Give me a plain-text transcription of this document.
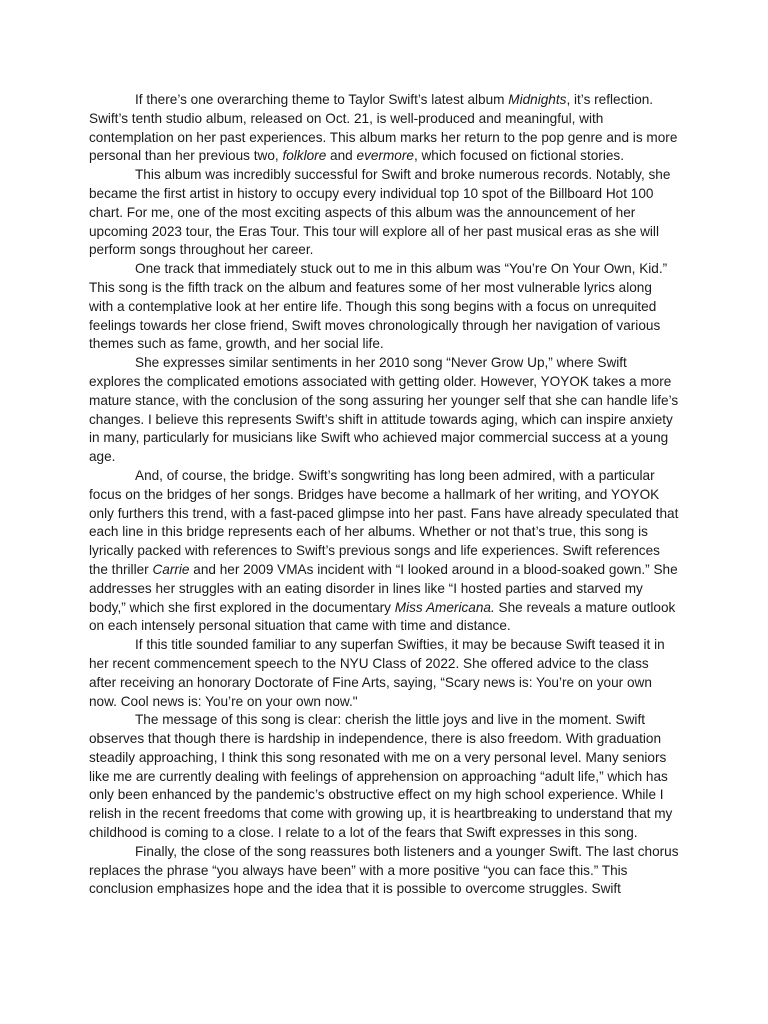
If there’s one overarching theme to Taylor Swift’s latest album Midnights, it’s reflection. Swift’s tenth studio album, released on Oct. 21, is well-produced and meaningful, with contemplation on her past experiences. This album marks her return to the pop genre and is more personal than her previous two, folklore and evermore, which focused on fictional stories.

This album was incredibly successful for Swift and broke numerous records. Notably, she became the first artist in history to occupy every individual top 10 spot of the Billboard Hot 100 chart. For me, one of the most exciting aspects of this album was the announcement of her upcoming 2023 tour, the Eras Tour. This tour will explore all of her past musical eras as she will perform songs throughout her career.

One track that immediately stuck out to me in this album was “You’re On Your Own, Kid.” This song is the fifth track on the album and features some of her most vulnerable lyrics along with a contemplative look at her entire life. Though this song begins with a focus on unrequited feelings towards her close friend, Swift moves chronologically through her navigation of various themes such as fame, growth, and her social life.

She expresses similar sentiments in her 2010 song “Never Grow Up,” where Swift explores the complicated emotions associated with getting older. However, YOYOK takes a more mature stance, with the conclusion of the song assuring her younger self that she can handle life’s changes. I believe this represents Swift’s shift in attitude towards aging, which can inspire anxiety in many, particularly for musicians like Swift who achieved major commercial success at a young age.

And, of course, the bridge. Swift’s songwriting has long been admired, with a particular focus on the bridges of her songs. Bridges have become a hallmark of her writing, and YOYOK only furthers this trend, with a fast-paced glimpse into her past. Fans have already speculated that each line in this bridge represents each of her albums. Whether or not that’s true, this song is lyrically packed with references to Swift’s previous songs and life experiences. Swift references the thriller Carrie and her 2009 VMAs incident with “I looked around in a blood-soaked gown.” She addresses her struggles with an eating disorder in lines like “I hosted parties and starved my body,” which she first explored in the documentary Miss Americana. She reveals a mature outlook on each intensely personal situation that came with time and distance.

If this title sounded familiar to any superfan Swifties, it may be because Swift teased it in her recent commencement speech to the NYU Class of 2022. She offered advice to the class after receiving an honorary Doctorate of Fine Arts, saying, “Scary news is: You’re on your own now. Cool news is: You’re on your own now."

The message of this song is clear: cherish the little joys and live in the moment. Swift observes that though there is hardship in independence, there is also freedom. With graduation steadily approaching, I think this song resonated with me on a very personal level. Many seniors like me are currently dealing with feelings of apprehension on approaching “adult life,” which has only been enhanced by the pandemic’s obstructive effect on my high school experience. While I relish in the recent freedoms that come with growing up, it is heartbreaking to understand that my childhood is coming to a close. I relate to a lot of the fears that Swift expresses in this song.

Finally, the close of the song reassures both listeners and a younger Swift. The last chorus replaces the phrase “you always have been” with a more positive “you can face this.” This conclusion emphasizes hope and the idea that it is possible to overcome struggles. Swift
